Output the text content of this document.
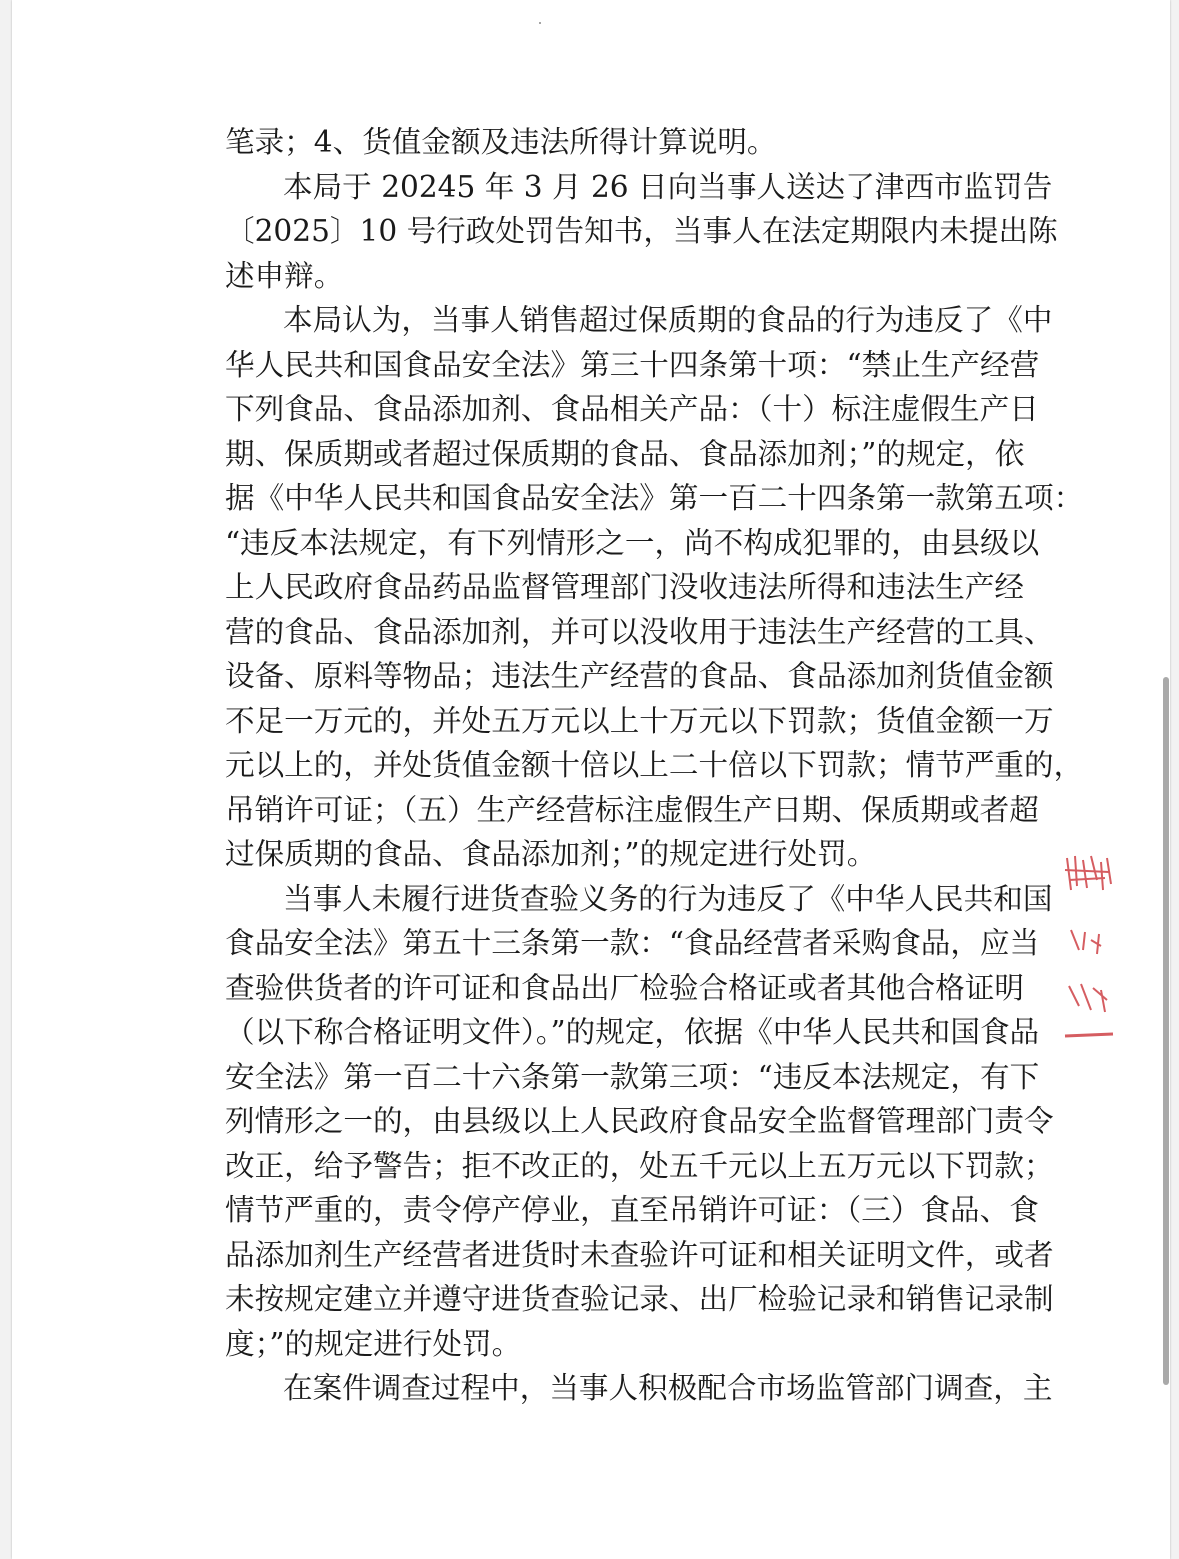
笔录；4、货值金额及违法所得计算说明。
本局于 20245 年 3 月 26 日向当事人送达了津西市监罚告
〔2025〕10 号行政处罚告知书，当事人在法定期限内未提出陈
述申辩。
本局认为，当事人销售超过保质期的食品的行为违反了《中
华人民共和国食品安全法》第三十四条第十项：“禁止生产经营
下列食品、食品添加剂、食品相关产品：（十）标注虚假生产日
期、保质期或者超过保质期的食品、食品添加剂；”的规定，依
据《中华人民共和国食品安全法》第一百二十四条第一款第五项：
“违反本法规定，有下列情形之一，尚不构成犯罪的，由县级以
上人民政府食品药品监督管理部门没收违法所得和违法生产经
营的食品、食品添加剂，并可以没收用于违法生产经营的工具、
设备、原料等物品；违法生产经营的食品、食品添加剂货值金额
不足一万元的，并处五万元以上十万元以下罚款；货值金额一万
元以上的，并处货值金额十倍以上二十倍以下罚款；情节严重的，
吊销许可证；（五）生产经营标注虚假生产日期、保质期或者超
过保质期的食品、食品添加剂；”的规定进行处罚。
当事人未履行进货查验义务的行为违反了《中华人民共和国
食品安全法》第五十三条第一款：“食品经营者采购食品，应当
查验供货者的许可证和食品出厂检验合格证或者其他合格证明
（以下称合格证明文件）。”的规定，依据《中华人民共和国食品
安全法》第一百二十六条第一款第三项：“违反本法规定，有下
列情形之一的，由县级以上人民政府食品安全监督管理部门责令
改正，给予警告；拒不改正的，处五千元以上五万元以下罚款；
情节严重的，责令停产停业，直至吊销许可证：（三）食品、食
品添加剂生产经营者进货时未查验许可证和相关证明文件，或者
未按规定建立并遵守进货查验记录、出厂检验记录和销售记录制
度；”的规定进行处罚。
在案件调查过程中，当事人积极配合市场监管部门调查，主
